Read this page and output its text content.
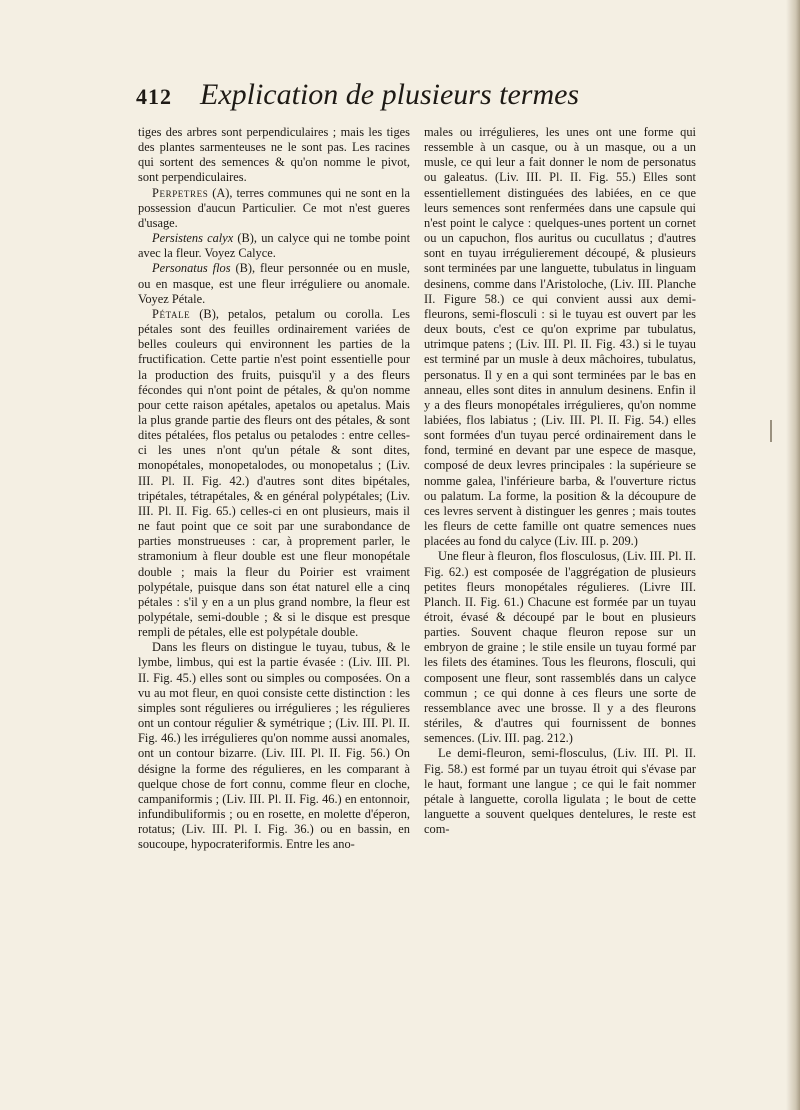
412 Explication de plusieurs termes

tiges des arbres sont perpendiculaires ; mais les tiges des plantes sarmenteuses ne le sont pas. Les racines qui sortent des semences & qu'on nomme le pivot, sont perpendiculaires.

Perpetres (A), terres communes qui ne sont en la possession d'aucun Particulier. Ce mot n'est gueres d'usage.

Persistens calyx (B), un calyce qui ne tombe point avec la fleur. Voyez Calyce.

Personatus flos (B), fleur personnée ou en musle, ou en masque, est une fleur irréguliere ou anomale. Voyez Pétale.

Pétale (B), petalos, petalum ou corolla. Les pétales sont des feuilles ordinairement variées de belles couleurs qui environnent les parties de la fructification. Cette partie n'est point essentielle pour la production des fruits, puisqu'il y a des fleurs fécondes qui n'ont point de pétales, & qu'on nomme pour cette raison apétales, apetalos ou apetalus. Mais la plus grande partie des fleurs ont des pétales, & sont dites pétalées, flos petalus ou petalodes : entre celles-ci les unes n'ont qu'un pétale & sont dites, monopétales, monopetalodes, ou monopetalus ; (Liv. III. Pl. II. Fig. 42.) d'autres sont dites bipétales, tripétales, tétrapétales, & en général polypétales; (Liv. III. Pl. II. Fig. 65.) celles-ci en ont plusieurs, mais il ne faut point que ce soit par une surabondance de parties monstrueuses : car, à proprement parler, le stramonium à fleur double est une fleur monopétale double ; mais la fleur du Poirier est vraiment polypétale, puisque dans son état naturel elle a cinq pétales : s'il y en a un plus grand nombre, la fleur est polypétale, semi-double ; & si le disque est presque rempli de pétales, elle est polypétale double.

Dans les fleurs on distingue le tuyau, tubus, & le lymbe, limbus, qui est la partie évasée : (Liv. III. Pl. II. Fig. 45.) elles sont ou simples ou composées. On a vu au mot fleur, en quoi consiste cette distinction : les simples sont régulieres ou irrégulieres ; les régulieres ont un contour régulier & symétrique ; (Liv. III. Pl. II. Fig. 46.) les irrégulieres qu'on nomme aussi anomales, ont un contour bizarre. (Liv. III. Pl. II. Fig. 56.) On désigne la forme des régulieres, en les comparant à quelque chose de fort connu, comme fleur en cloche, campaniformis ; (Liv. III. Pl. II. Fig. 46.) en entonnoir, infundibuliformis ; ou en rosette, en molette d'éperon, rotatus; (Liv. III. Pl. I. Fig. 36.) ou en bassin, en soucoupe, hypocrateriformis. Entre les ano-

males ou irrégulieres, les unes ont une forme qui ressemble à un casque, ou à un masque, ou a un musle, ce qui leur a fait donner le nom de personatus ou galeatus. (Liv. III. Pl. II. Fig. 55.) Elles sont essentiellement distinguées des labiées, en ce que leurs semences sont renfermées dans une capsule qui n'est point le calyce : quelques-unes portent un cornet ou un capuchon, flos auritus ou cucullatus ; d'autres sont en tuyau irrégulierement découpé, & plusieurs sont terminées par une languette, tubulatus in linguam desinens, comme dans l'Aristoloche, (Liv. III. Planche II. Figure 58.) ce qui convient aussi aux demi-fleurons, semi-flosculi : si le tuyau est ouvert par les deux bouts, c'est ce qu'on exprime par tubulatus, utrimque patens ; (Liv. III. Pl. II. Fig. 43.) si le tuyau est terminé par un musle à deux mâchoires, tubulatus, personatus. Il y en a qui sont terminées par le bas en anneau, elles sont dites in annulum desinens. Enfin il y a des fleurs monopétales irrégulieres, qu'on nomme labiées, flos labiatus ; (Liv. III. Pl. II. Fig. 54.) elles sont formées d'un tuyau percé ordinairement dans le fond, terminé en devant par une espece de masque, composé de deux levres principales : la supérieure se nomme galea, l'inférieure barba, & l'ouverture rictus ou palatum. La forme, la position & la découpure de ces levres servent à distinguer les genres ; mais toutes les fleurs de cette famille ont quatre semences nues placées au fond du calyce (Liv. III. p. 209.)

Une fleur à fleuron, flos flosculosus, (Liv. III. Pl. II. Fig. 62.) est composée de l'aggrégation de plusieurs petites fleurs monopétales régulieres. (Livre III. Planch. II. Fig. 61.) Chacune est formée par un tuyau étroit, évasé & découpé par le bout en plusieurs parties. Souvent chaque fleuron repose sur un embryon de graine ; le stile ensile un tuyau formé par les filets des étamines. Tous les fleurons, flosculi, qui composent une fleur, sont rassemblés dans un calyce commun ; ce qui donne à ces fleurs une sorte de ressemblance avec une brosse. Il y a des fleurons stériles, & d'autres qui fournissent de bonnes semences. (Liv. III. pag. 212.)

Le demi-fleuron, semi-flosculus, (Liv. III. Pl. II. Fig. 58.) est formé par un tuyau étroit qui s'évase par le haut, formant une langue ; ce qui le fait nommer pétale à languette, corolla ligulata ; le bout de cette languette a souvent quelques dentelures, le reste est com-
